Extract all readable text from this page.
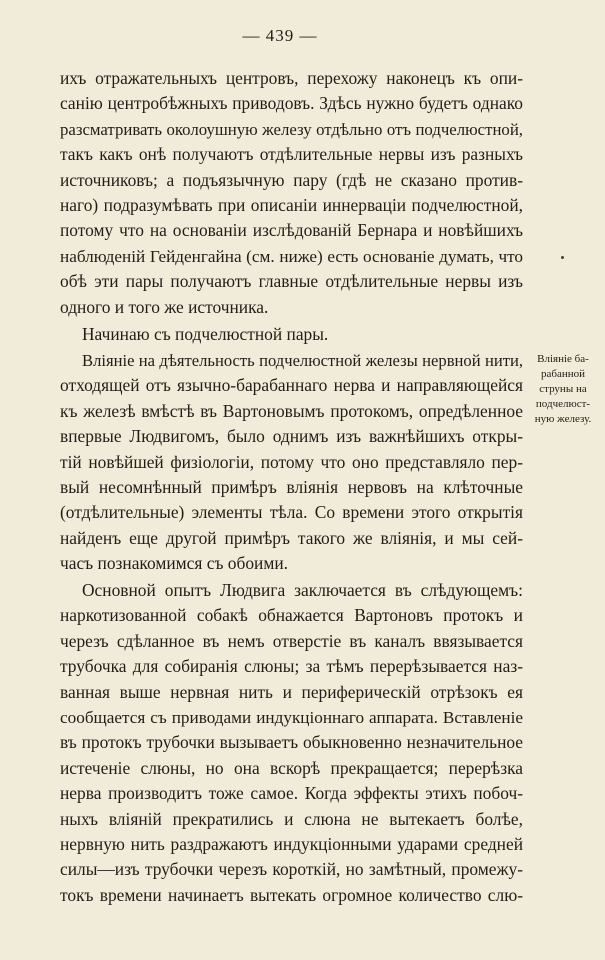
— 439 —
ихъ отражательныхъ центровъ, перехожу наконецъ къ опи-
санію центробѣжныхъ приводовъ. Здѣсь нужно будетъ однако
разсматривать околоушную железу отдѣльно отъ подчелюстной,
такъ какъ онѣ получаютъ отдѣлительные нервы изъ разныхъ
источниковъ; а подъязычную пару (гдѣ не сказано против-
наго) подразумѣвать при описаніи иннерваціи подчелюстной,
потому что на основаніи изслѣдованій Бернара и новѣйшихъ
наблюденій Гейденгайна (см. ниже) есть основаніе думать, что
обѣ эти пары получаютъ главные отдѣлительные нервы изъ
одного и того же источника.
Начинаю съ подчелюстной пары.
Вліяніе на дѣятельность подчелюстной железы нервной нити,
отходящей отъ язычно-барабаннаго нерва и направляющейся
къ железѣ вмѣстѣ въ Вартоновымъ протокомъ, опредѣленное
впервые Людвигомъ, было однимъ изъ важнѣйшихъ откры-
тій новѣйшей физіологіи, потому что оно представляло пер-
вый несомнѣнный примѣръ вліянія нервовъ на клѣточные
(отдѣлительные) элементы тѣла. Со времени этого открытія
найденъ еще другой примѣръ такого же вліянія, и мы сей-
часъ познакомимся съ обоими.
Основной опытъ Людвига заключается въ слѣдующемъ:
наркотизованной собакѣ обнажается Вартоновъ протокъ и
черезъ сдѣланное въ немъ отверстіе въ каналъ ввязывается
трубочка для собиранія слюны; за тѣмъ перерѣзывается наз-
ванная выше нервная нить и периферическій отрѣзокъ ея
сообщается съ приводами индукціоннаго аппарата. Вставленіе
въ протокъ трубочки вызываетъ обыкновенно незначительное
истеченіе слюны, но она вскорѣ прекращается; перерѣзка
нерва производитъ тоже самое. Когда эффекты этихъ побоч-
ныхъ вліяній прекратились и слюна не вытекаетъ болѣе,
нервную нить раздражаютъ индукціонными ударами средней
силы—изъ трубочки черезъ короткій, но замѣтный, промежу-
токъ времени начинаетъ вытекать огромное количество слю-
Вліяніе ба-
рабанной
струны на
подчелюст-
ную железу.
